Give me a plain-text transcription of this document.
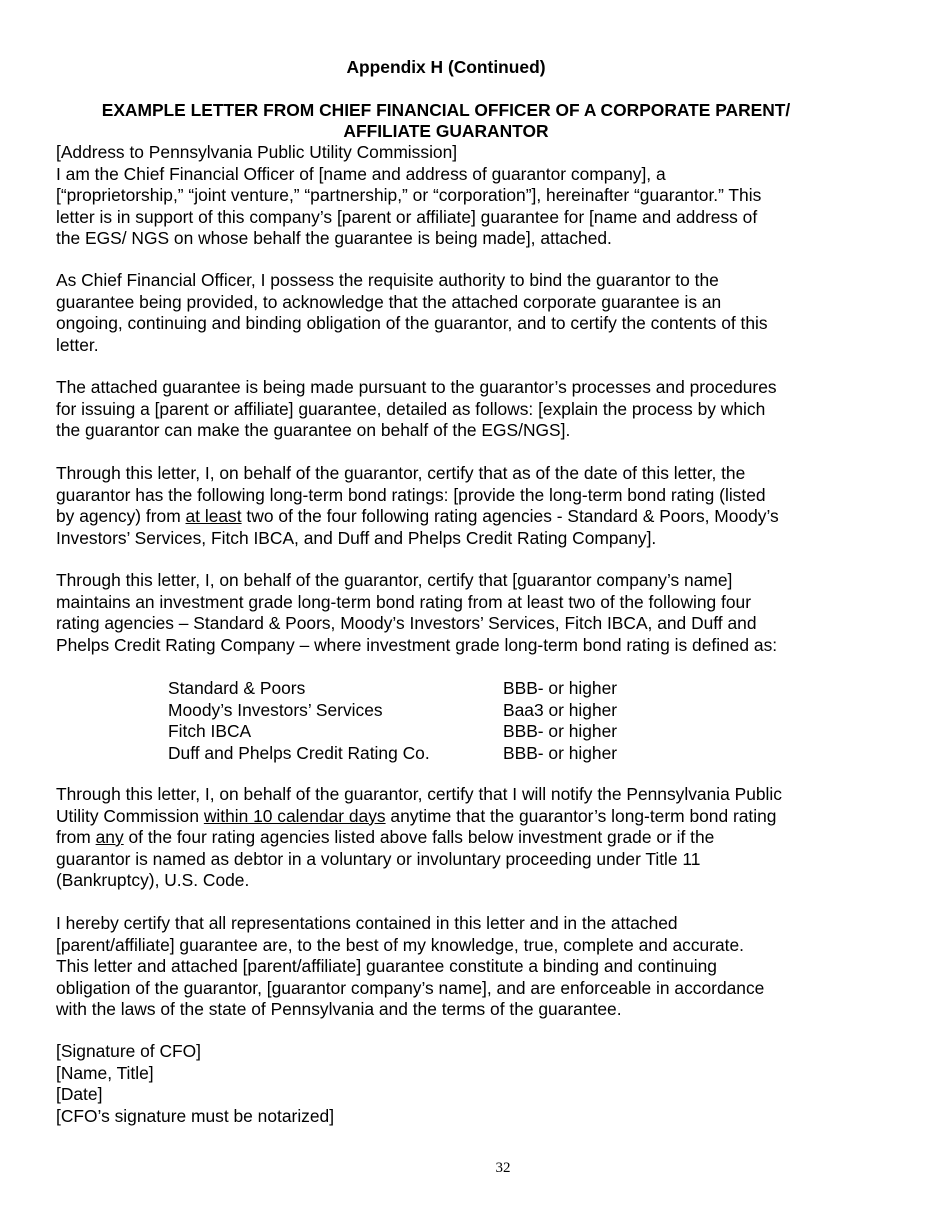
Appendix H (Continued)
EXAMPLE LETTER FROM CHIEF FINANCIAL OFFICER OF A CORPORATE PARENT/
AFFILIATE GUARANTOR
[Address to Pennsylvania Public Utility Commission]
I am the Chief Financial Officer of [name and address of guarantor company], a
[“proprietorship,” “joint venture,” “partnership,” or “corporation”], hereinafter “guarantor.” This
letter is in support of this company’s [parent or affiliate] guarantee for [name and address of
the EGS/ NGS on whose behalf the guarantee is being made], attached.
As Chief Financial Officer, I possess the requisite authority to bind the guarantor to the
guarantee being provided, to acknowledge that the attached corporate guarantee is an
ongoing, continuing and binding obligation of the guarantor, and to certify the contents of this
letter.
The attached guarantee is being made pursuant to the guarantor’s processes and procedures
for issuing a [parent or affiliate] guarantee, detailed as follows: [explain the process by which
the guarantor can make the guarantee on behalf of the EGS/NGS].
Through this letter, I, on behalf of the guarantor, certify that as of the date of this letter, the
guarantor has the following long-term bond ratings: [provide the long-term bond rating (listed
by agency) from at least two of the four following rating agencies - Standard & Poors, Moody’s
Investors’ Services, Fitch IBCA, and Duff and Phelps Credit Rating Company].
Through this letter, I, on behalf of the guarantor, certify that [guarantor company’s name]
maintains an investment grade long-term bond rating from at least two of the following four
rating agencies – Standard & Poors, Moody’s Investors’ Services, Fitch IBCA, and Duff and
Phelps Credit Rating Company – where investment grade long-term bond rating is defined as:
Standard & Poors	BBB- or higher
Moody’s Investors’ Services	Baa3 or higher
Fitch IBCA	BBB- or higher
Duff and Phelps Credit Rating Co.	BBB- or higher
Through this letter, I, on behalf of the guarantor, certify that I will notify the Pennsylvania Public
Utility Commission within 10 calendar days anytime that the guarantor’s long-term bond rating
from any of the four rating agencies listed above falls below investment grade or if the
guarantor is named as debtor in a voluntary or involuntary proceeding under Title 11
(Bankruptcy), U.S. Code.
I hereby certify that all representations contained in this letter and in the attached
[parent/affiliate] guarantee are, to the best of my knowledge, true, complete and accurate.
This letter and attached [parent/affiliate] guarantee constitute a binding and continuing
obligation of the guarantor, [guarantor company’s name], and are enforceable in accordance
with the laws of the state of Pennsylvania and the terms of the guarantee.
[Signature of CFO]
[Name, Title]
[Date]
[CFO’s signature must be notarized]
32
